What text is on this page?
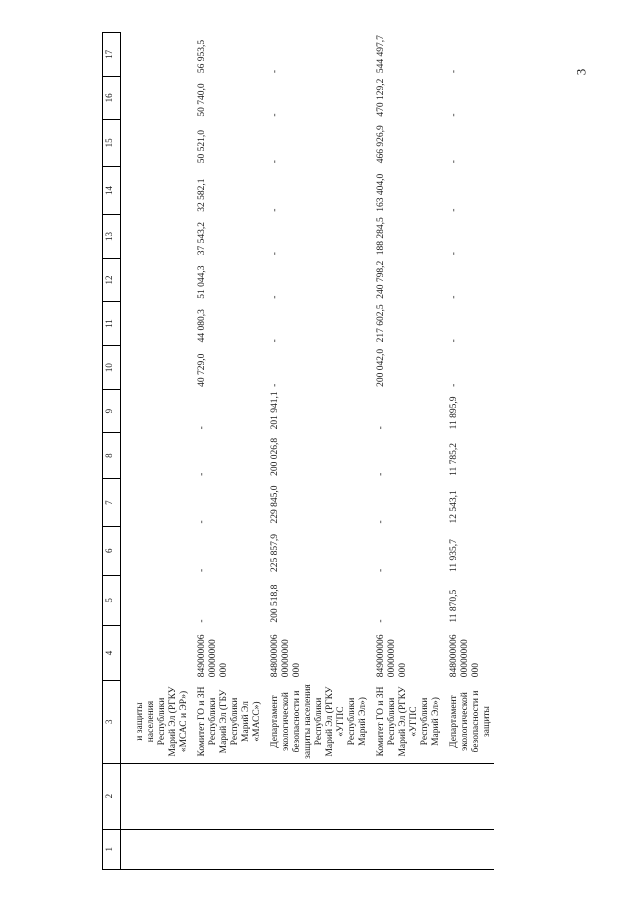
3
1	2	3	4	5	6	7	8	9	10	11	12	13	14	15	16	17
		и защиты населения Республики Марий Эл (РГКУ «МСАС и ЭР»)														
		Комитет ГО и ЗН Республики Марий Эл (ГБУ Республики Марий Эл «МАСС»)	849000006 00000000 000	-	-	-	-	-	40 729,0	44 080,3	51 044,3	37 543,2	32 582,1	50 521,0	50 740,0	56 953,5
		Департамент экологической безопасности и защиты населения Республики Марий Эл (РГКУ «УГПС Республики Марий Эл»)	848000006 00000000 000	200 518,8	225 857,9	229 845,0	200 026,8	201 941,1	-	-	-	-	-	-	-	-
		Комитет ГО и ЗН Республики Марий Эл (РГКУ «УГПС Республики Марий Эл»)	849000006 00000000 000	-	-	-	-	-	200 042,0	217 602,5	240 798,2	188 284,5	163 404,0	466 926,9	470 129,2	544 497,7
		Департамент экологической безопасности и защиты	848000006 00000000 000	11 870,5	11 935,7	12 543,1	11 785,2	11 895,9	-	-	-	-	-	-	-	-
